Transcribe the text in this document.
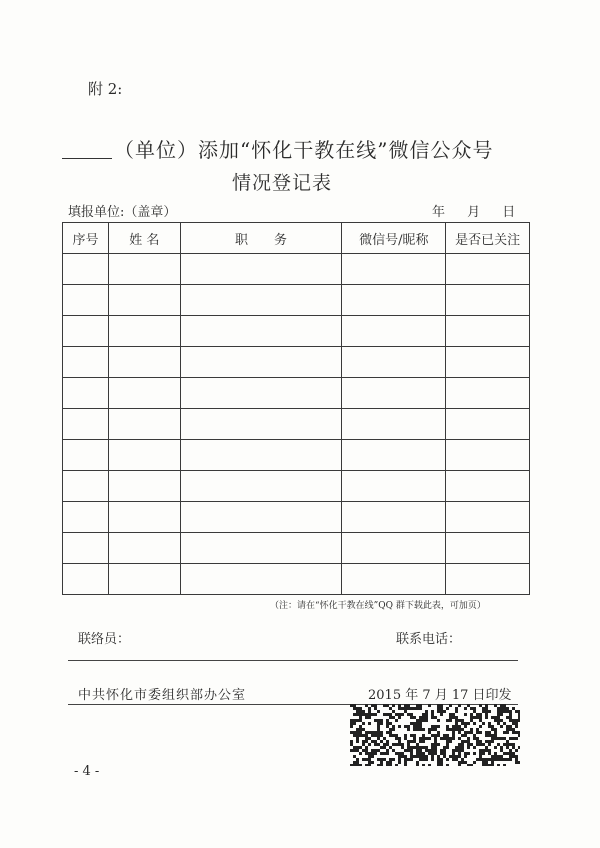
附 2:
（单位）添加“怀化干教在线”微信公众号
情况登记表
填报单位:（盖章）	年 月 日
序号	姓 名	职　　务	微信号/昵称	是否已关注

（注：请在“怀化干教在线”QQ 群下载此表，可加页）
联络员：	联系电话：
中共怀化市委组织部办公室	2015 年 7 月 17 日印发
- 4 -
